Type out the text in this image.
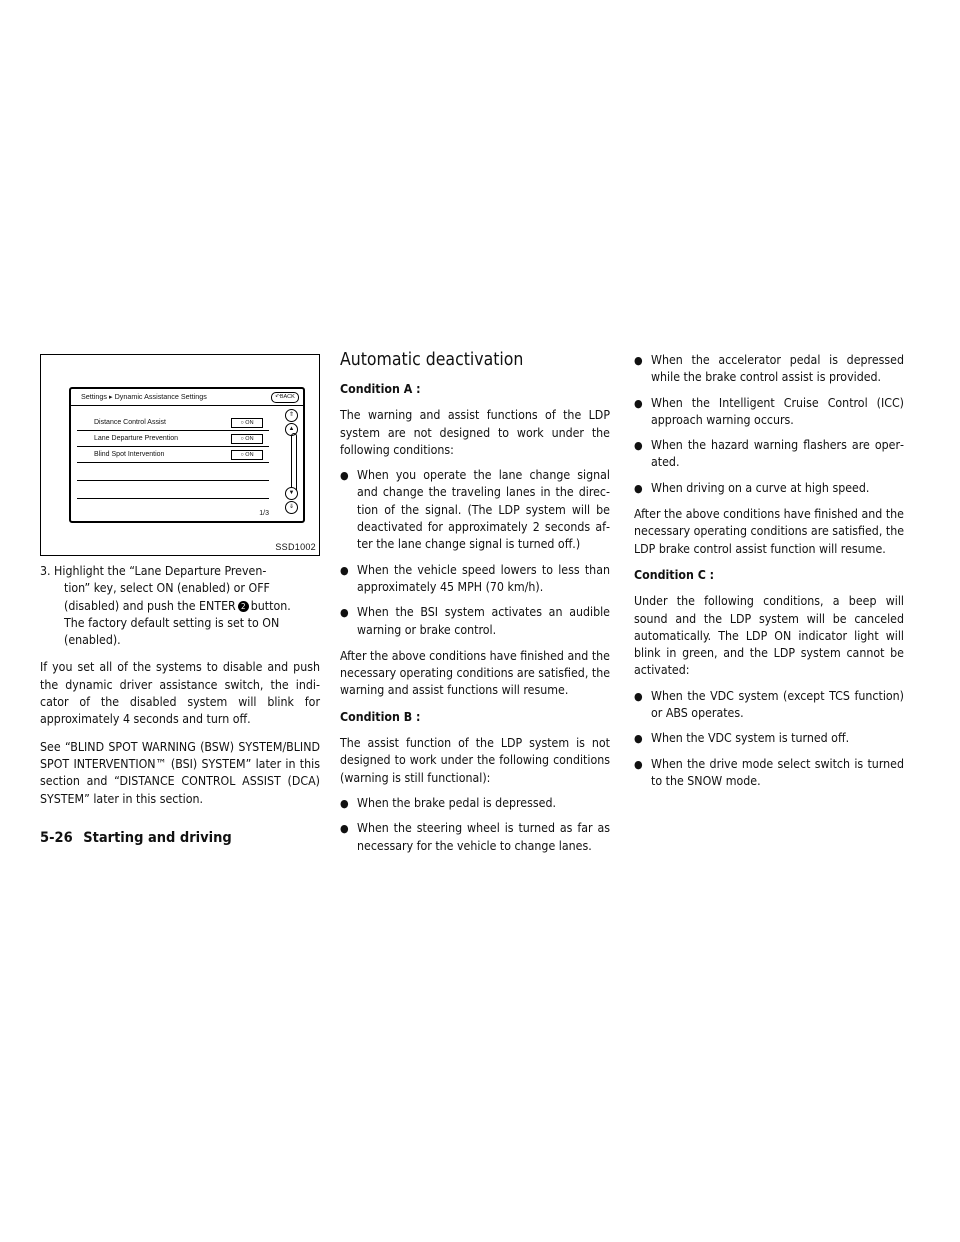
Settings ▸ Dynamic Assistance Settings	↶BACK
Distance Control Assist	○ ON
Lane Departure Prevention	○ ON
Blind Spot Intervention	○ ON
⇑
▲
▼
⇓
1/3
SSD1002

3. Highlight the “Lane Departure Preven-
tion” key, select ON (enabled) or OFF
(disabled) and push the ENTER 2 button.
The factory default setting is set to ON
(enabled).

If you set all of the systems to disable and push the dynamic driver assistance switch, the indicator of the disabled system will blink for approximately 4 seconds and turn off.

See “BLIND SPOT WARNING (BSW) SYSTEM/BLIND SPOT INTERVENTION™ (BSI) SYSTEM” later in this section and “DISTANCE CONTROL ASSIST (DCA) SYSTEM” later in this section.

Automatic deactivation

Condition A :

The warning and assist functions of the LDP system are not designed to work under the following conditions:

● When you operate the lane change signal and change the traveling lanes in the direction of the signal. (The LDP system will be deactivated for approximately 2 seconds after the lane change signal is turned off.)

● When the vehicle speed lowers to less than approximately 45 MPH (70 km/h).

● When the BSI system activates an audible warning or brake control.

After the above conditions have finished and the necessary operating conditions are satisfied, the warning and assist functions will resume.

Condition B :

The assist function of the LDP system is not designed to work under the following conditions (warning is still functional):

● When the brake pedal is depressed.

● When the steering wheel is turned as far as necessary for the vehicle to change lanes.

● When the accelerator pedal is depressed while the brake control assist is provided.

● When the Intelligent Cruise Control (ICC) approach warning occurs.

● When the hazard warning flashers are operated.

● When driving on a curve at high speed.

After the above conditions have finished and the necessary operating conditions are satisfied, the LDP brake control assist function will resume.

Condition C :

Under the following conditions, a beep will sound and the LDP system will be canceled automatically. The LDP ON indicator light will blink in green, and the LDP system cannot be activated:

● When the VDC system (except TCS function) or ABS operates.

● When the VDC system is turned off.

● When the drive mode select switch is turned to the SNOW mode.

5-26 Starting and driving
